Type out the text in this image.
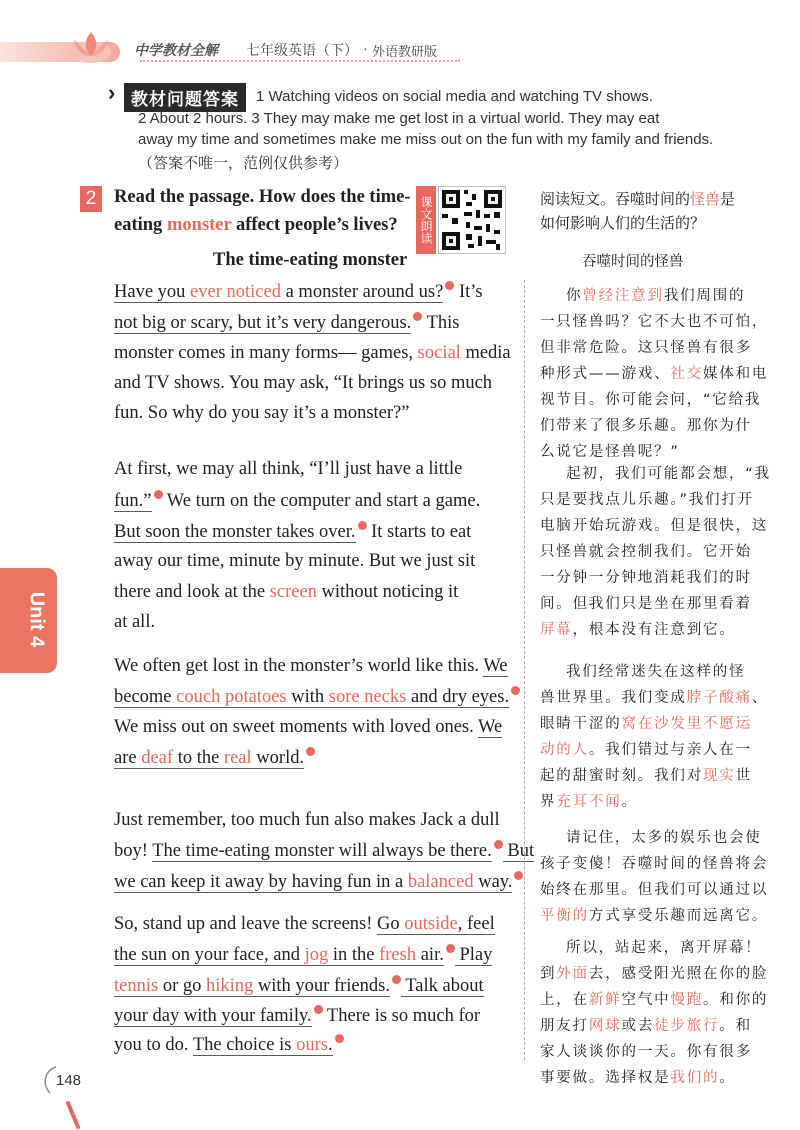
中学教材全解 七年级英语（下） · 外语教研版
› 教材问题答案	1 Watching videos on social media and watching TV shows.
2 About 2 hours. 3 They may make me get lost in a virtual world. They may eat
away my time and sometimes make me miss out on the fun with my family and friends.
（答案不唯一，范例仅供参考）
2 Read the passage. How does the time-
eating monster affect people’s lives? 课文朗读	阅读短文。吞噬时间的怪兽是
如何影响人们的生活的？
The time-eating monster
Have you ever noticed a monster around us? It’s
not big or scary, but it’s very dangerous. This
monster comes in many forms— games, social media
and TV shows. You may ask, “It brings us so much
fun. So why do you say it’s a monster?”
At first, we may all think, “I’ll just have a little
fun.” We turn on the computer and start a game.
But soon the monster takes over. It starts to eat
away our time, minute by minute. But we just sit
there and look at the screen without noticing it
at all.
We often get lost in the monster’s world like this. We
become couch potatoes with sore necks and dry eyes.
We miss out on sweet moments with loved ones. We
are deaf to the real world.
Just remember, too much fun also makes Jack a dull
boy! The time-eating monster will always be there. But
we can keep it away by having fun in a balanced way.
So, stand up and leave the screens! Go outside, feel
the sun on your face, and jog in the fresh air. Play
tennis or go hiking with your friends. Talk about
your day with your family. There is so much for
you to do. The choice is ours.
吞噬时间的怪兽
你曾经注意到我们周围的
一只怪兽吗？它不大也不可怕，
但非常危险。这只怪兽有很多
种形式——游戏、社交媒体和电
视节目。你可能会问，“它给我
们带来了很多乐趣。那你为什
么说它是怪兽呢？”
起初，我们可能都会想，“我
只是要找点儿乐趣。”我们打开
电脑开始玩游戏。但是很快，这
只怪兽就会控制我们。它开始
一分钟一分钟地消耗我们的时
间。但我们只是坐在那里看着
屏幕，根本没有注意到它。
我们经常迷失在这样的怪
兽世界里。我们变成脖子酸痛、
眼睛干涩的窝在沙发里不愿运
动的人。我们错过与亲人在一
起的甜蜜时刻。我们对现实世
界充耳不闻。
请记住，太多的娱乐也会使
孩子变傻！吞噬时间的怪兽将会
始终在那里。但我们可以通过以
平衡的方式享受乐趣而远离它。
所以，站起来，离开屏幕！
到外面去，感受阳光照在你的脸
上，在新鲜空气中慢跑。和你的
朋友打网球或去徒步旅行。和
家人谈谈你的一天。你有很多
事要做。选择权是我们的。
Unit 4
148
